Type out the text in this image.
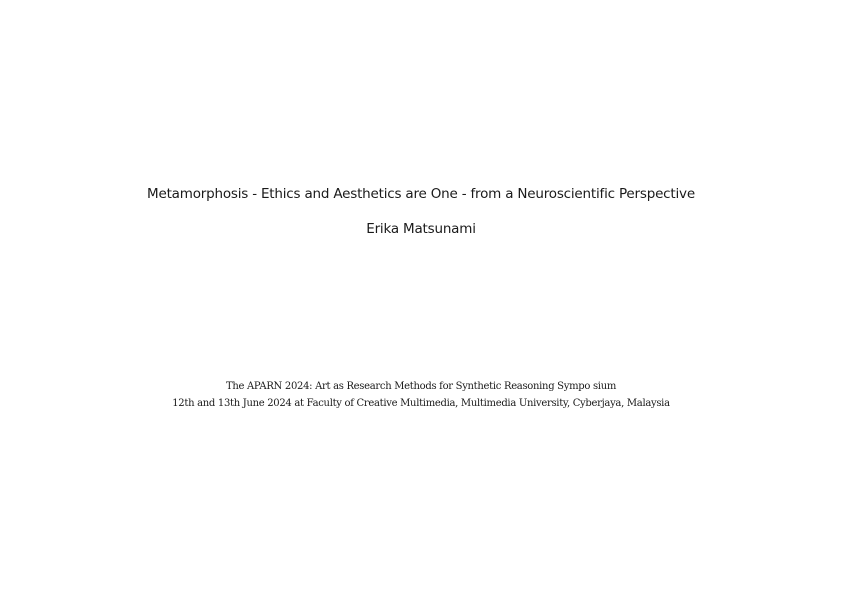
Metamorphosis - Ethics and Aesthetics are One - from a Neuroscientific Perspective

Erika Matsunami

The APARN 2024: Art as Research Methods for Synthetic Reasoning Sympo sium

12th and 13th June 2024 at Faculty of Creative Multimedia, Multimedia University, Cyberjaya, Malaysia
